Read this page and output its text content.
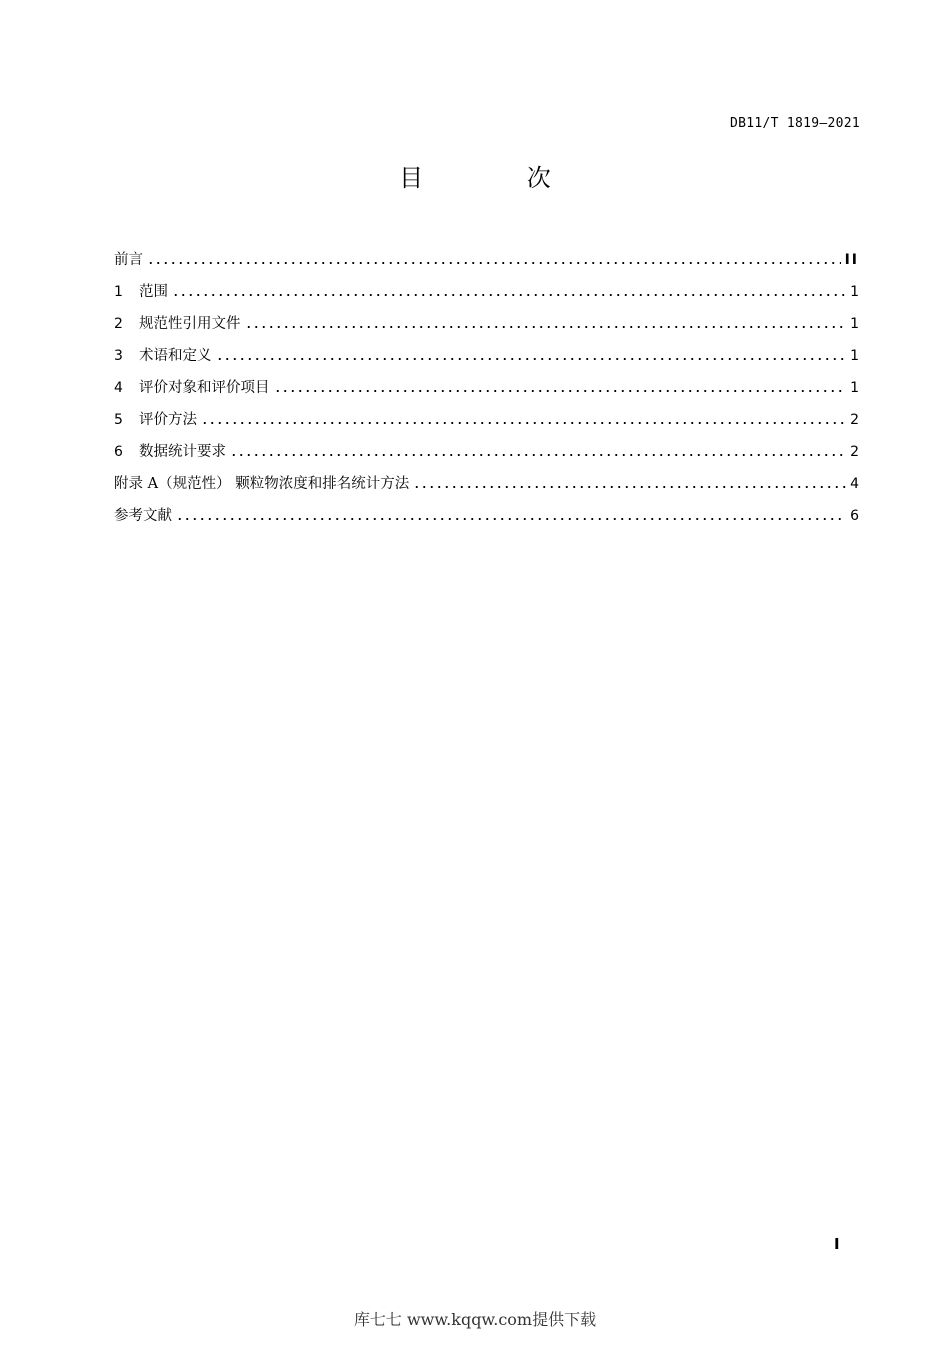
DB11/T 1819—2021
目 次
前言	II
1	范围	1
2	规范性引用文件	1
3	术语和定义	1
4	评价对象和评价项目	1
5	评价方法	2
6	数据统计要求	2
附录 A（规范性） 颗粒物浓度和排名统计方法	4
参考文献	6
I
库七七 www.kqqw.com提供下载
